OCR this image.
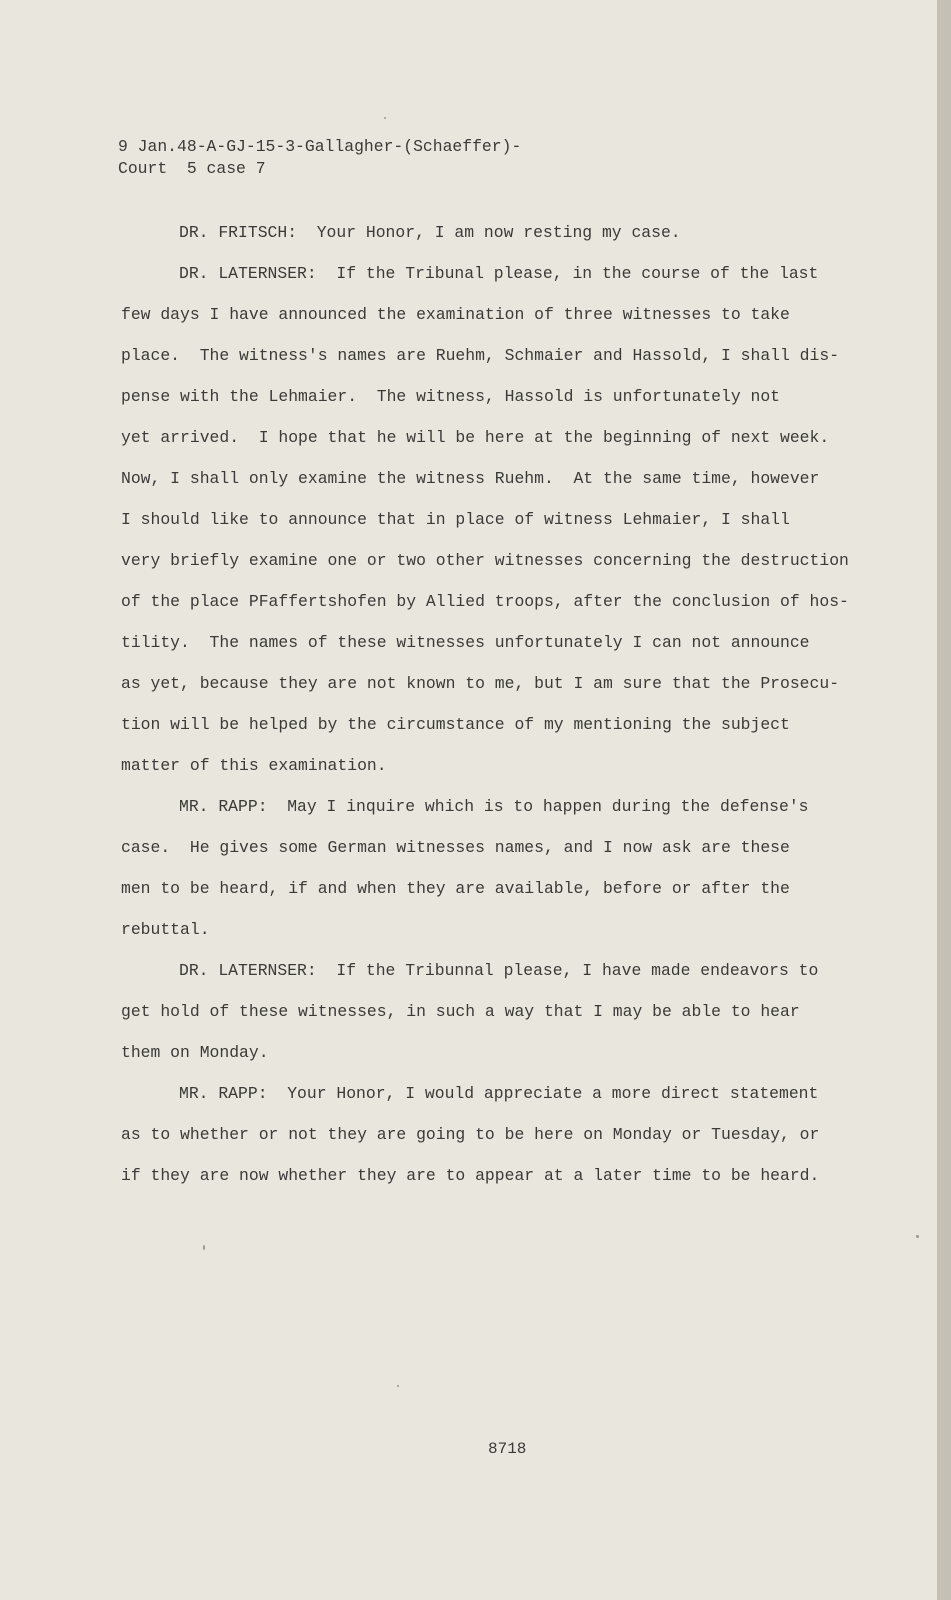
9 Jan.48-A-GJ-15-3-Gallagher-(Schaeffer)-
Court  5 case 7
DR. FRITSCH:  Your Honor, I am now resting my case.
DR. LATERNSER:  If the Tribunal please, in the course of the last
few days I have announced the examination of three witnesses to take
place.  The witness's names are Ruehm, Schmaier and Hassold, I shall dis-
pense with the Lehmaier.  The witness, Hassold is unfortunately not
yet arrived.  I hope that he will be here at the beginning of next week.
Now, I shall only examine the witness Ruehm.  At the same time, however
I should like to announce that in place of witness Lehmaier, I shall
very briefly examine one or two other witnesses concerning the destruction
of the place PFaffertshofen by Allied troops, after the conclusion of hos-
tility.  The names of these witnesses unfortunately I can not announce
as yet, because they are not known to me, but I am sure that the Prosecu-
tion will be helped by the circumstance of my mentioning the subject
matter of this examination.
MR. RAPP:  May I inquire which is to happen during the defense's
case.  He gives some German witnesses names, and I now ask are these
men to be heard, if and when they are available, before or after the
rebuttal.
DR. LATERNSER:  If the Tribunnal please, I have made endeavors to
get hold of these witnesses, in such a way that I may be able to hear
them on Monday.
MR. RAPP:  Your Honor, I would appreciate a more direct statement
as to whether or not they are going to be here on Monday or Tuesday, or
if they are now whether they are to appear at a later time to be heard.
8718
